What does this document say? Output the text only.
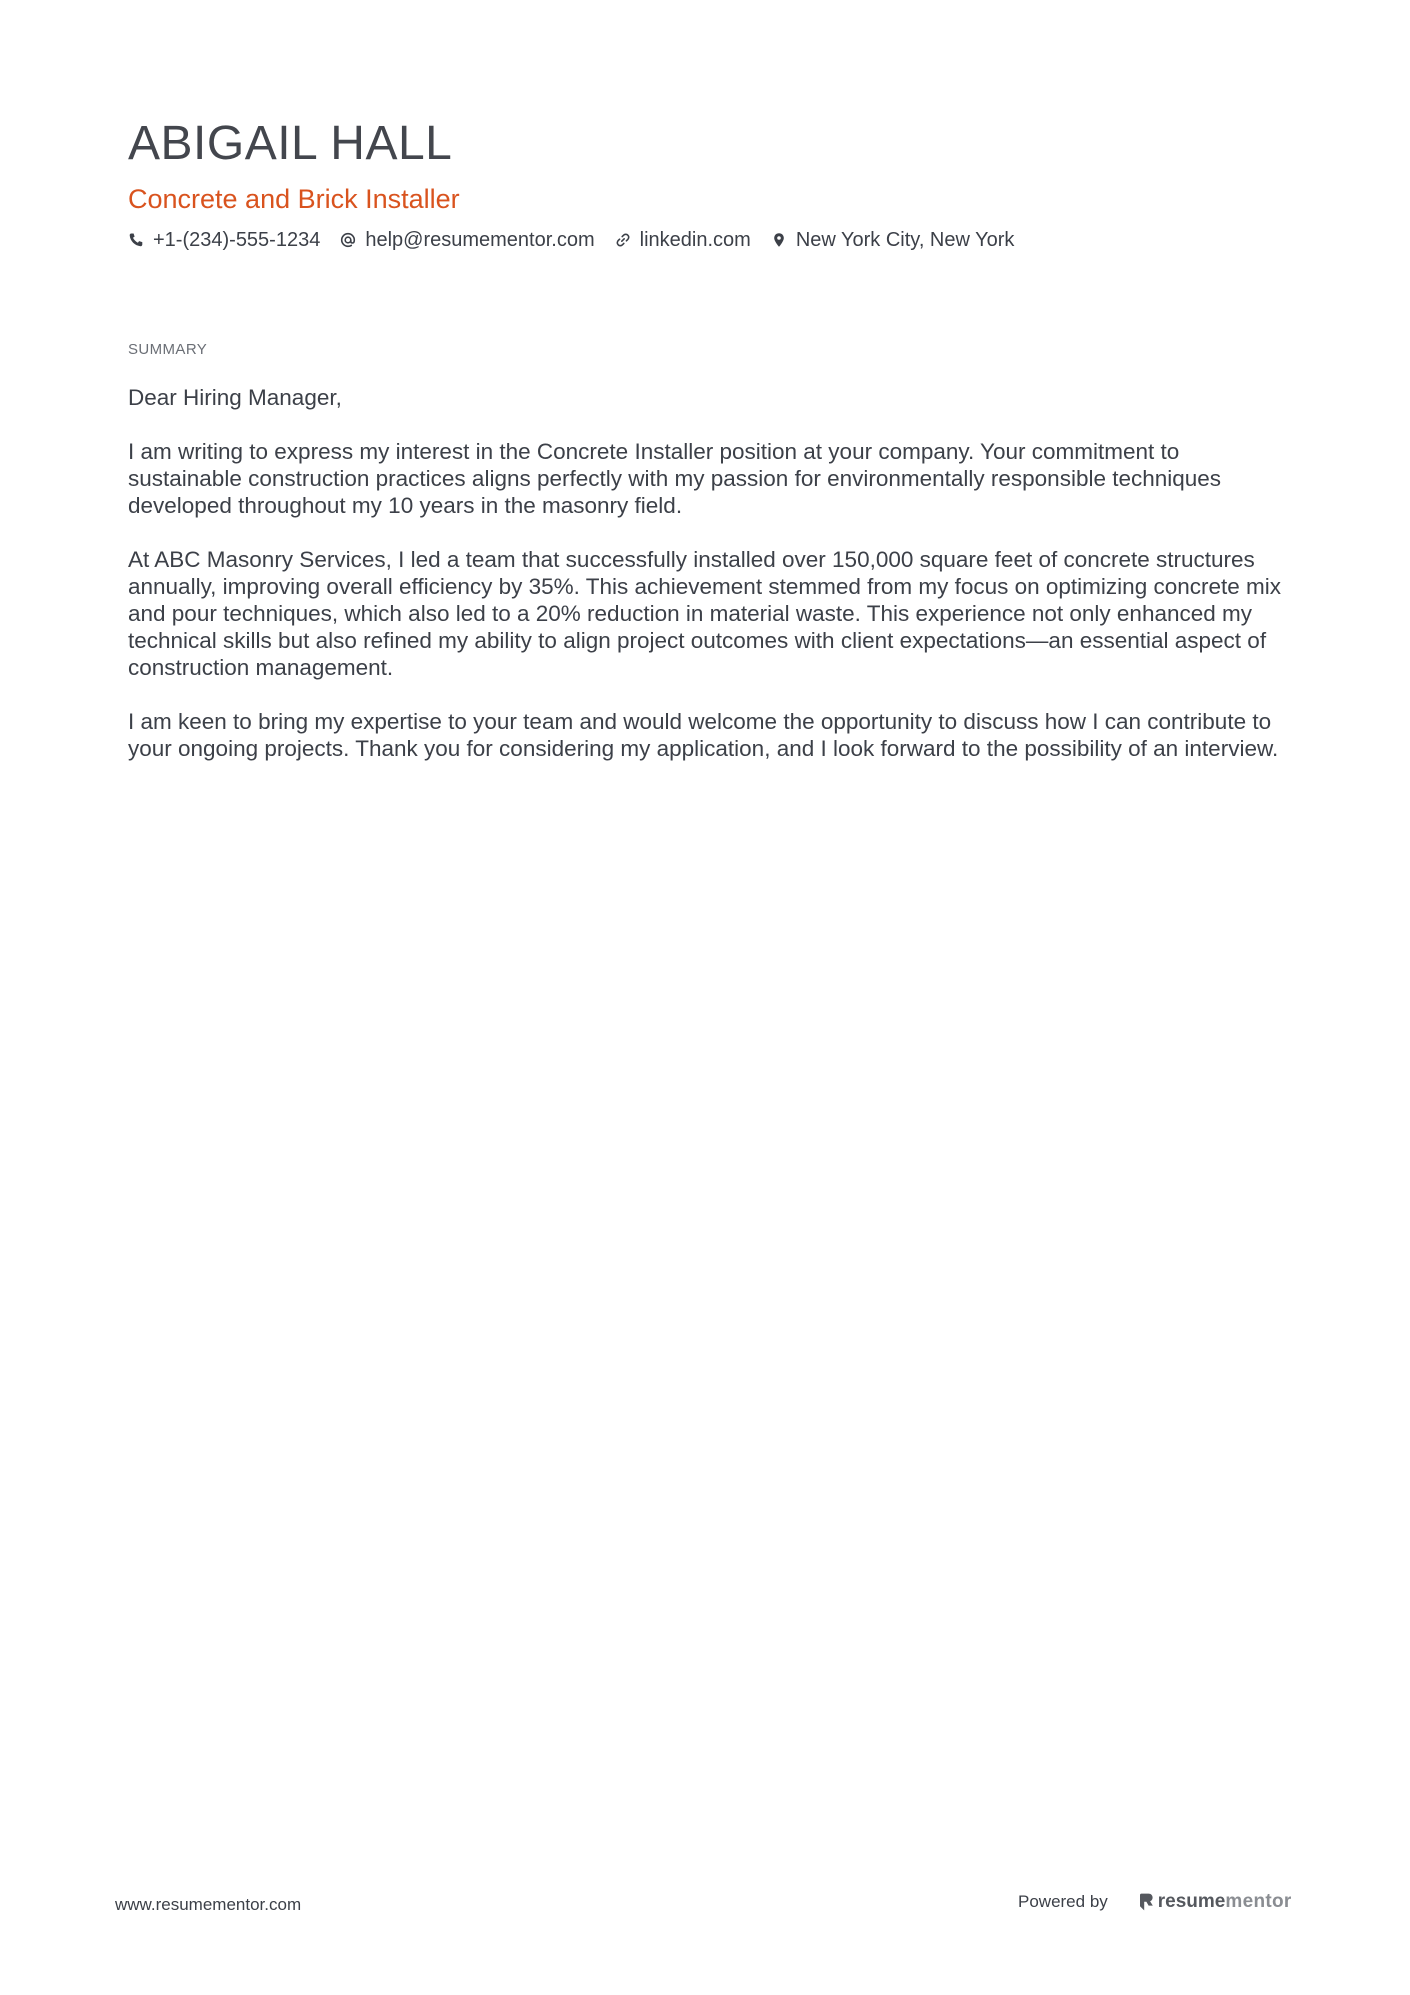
ABIGAIL HALL
Concrete and Brick Installer
+1-(234)-555-1234 help@resumementor.com linkedin.com New York City, New York
SUMMARY

Dear Hiring Manager,

I am writing to express my interest in the Concrete Installer position at your company. Your commitment to sustainable construction practices aligns perfectly with my passion for environmentally responsible techniques developed throughout my 10 years in the masonry field.

At ABC Masonry Services, I led a team that successfully installed over 150,000 square feet of concrete structures annually, improving overall efficiency by 35%. This achievement stemmed from my focus on optimizing concrete mix and pour techniques, which also led to a 20% reduction in material waste. This experience not only enhanced my technical skills but also refined my ability to align project outcomes with client expectations—an essential aspect of construction management.

I am keen to bring my expertise to your team and would welcome the opportunity to discuss how I can contribute to your ongoing projects. Thank you for considering my application, and I look forward to the possibility of an interview.

www.resumementor.com	Powered by	resume mentor
